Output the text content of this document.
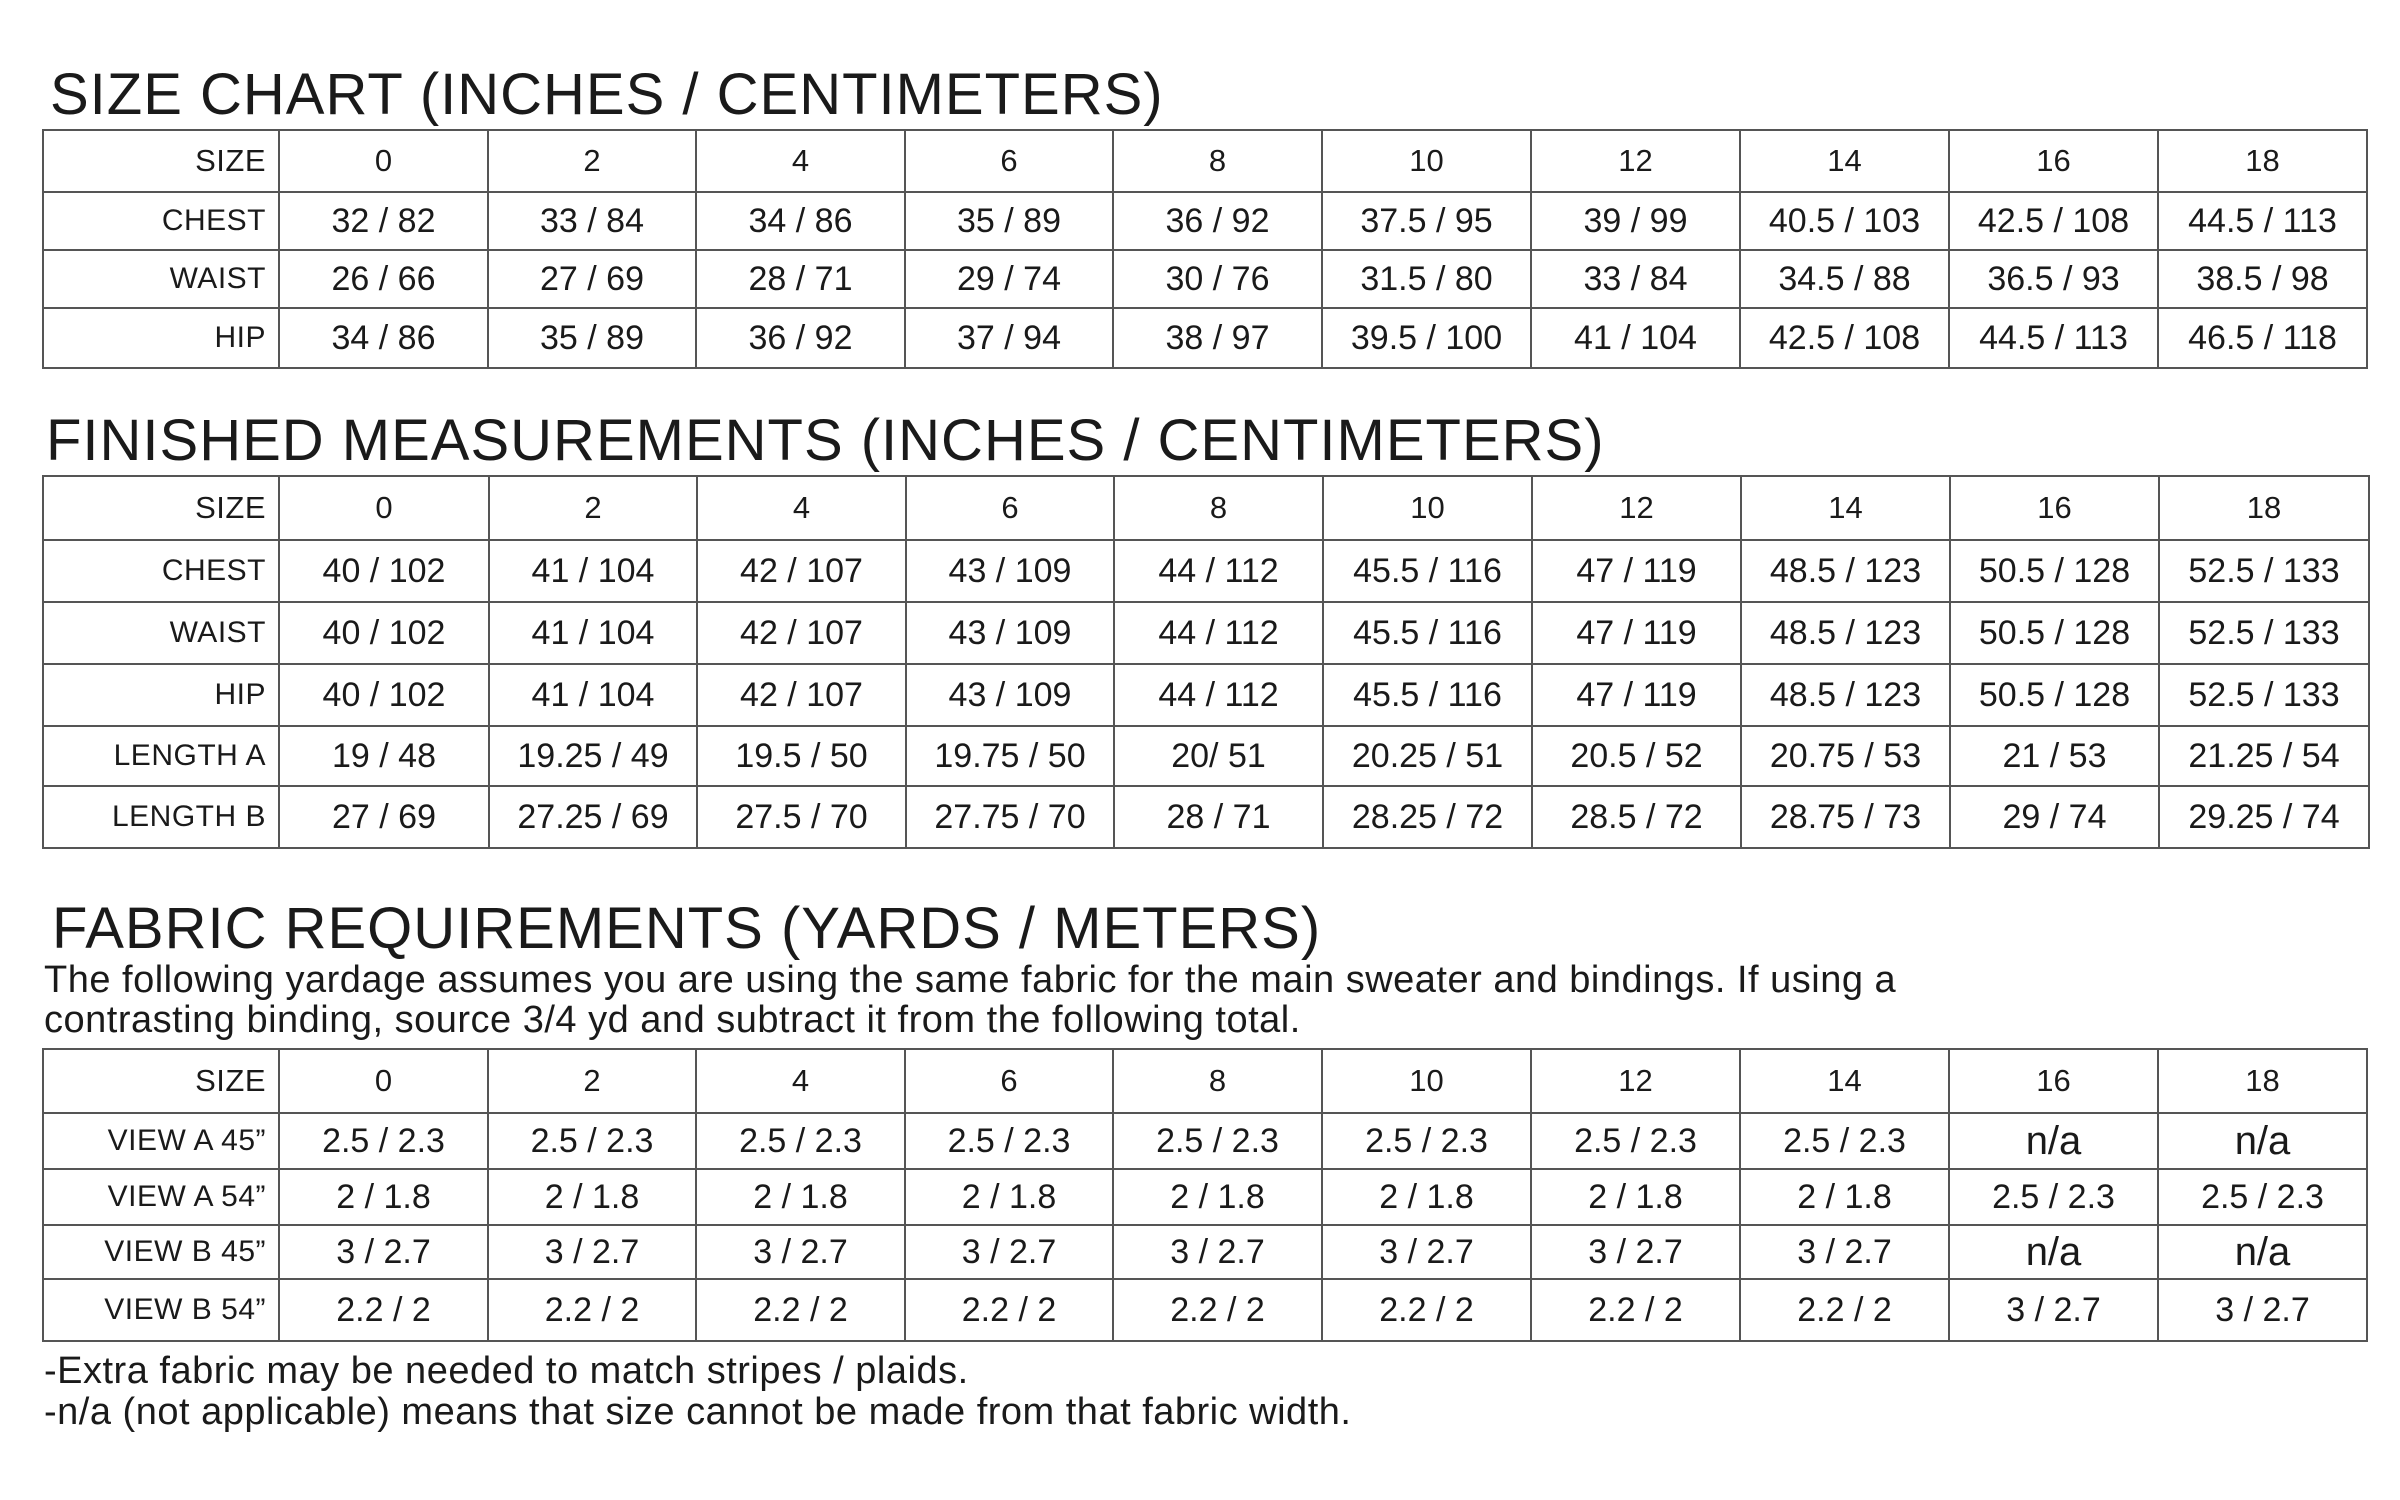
SIZE CHART (INCHES / CENTIMETERS)
SIZE	0	2	4	6	8	10	12	14	16	18
CHEST	32 / 82	33 / 84	34 / 86	35 / 89	36 / 92	37.5 / 95	39 / 99	40.5 / 103	42.5 / 108	44.5 / 113
WAIST	26 / 66	27 / 69	28 / 71	29 / 74	30 / 76	31.5 / 80	33 / 84	34.5 / 88	36.5 / 93	38.5 / 98
HIP	34 / 86	35 / 89	36 / 92	37 / 94	38 / 97	39.5 / 100	41 / 104	42.5 / 108	44.5 / 113	46.5 / 118
FINISHED MEASUREMENTS (INCHES / CENTIMETERS)
SIZE	0	2	4	6	8	10	12	14	16	18
CHEST	40 / 102	41 / 104	42 / 107	43 / 109	44 / 112	45.5 / 116	47 / 119	48.5 / 123	50.5 / 128	52.5 / 133
WAIST	40 / 102	41 / 104	42 / 107	43 / 109	44 / 112	45.5 / 116	47 / 119	48.5 / 123	50.5 / 128	52.5 / 133
HIP	40 / 102	41 / 104	42 / 107	43 / 109	44 / 112	45.5 / 116	47 / 119	48.5 / 123	50.5 / 128	52.5 / 133
LENGTH A	19 / 48	19.25 / 49	19.5 / 50	19.75 / 50	20/ 51	20.25 / 51	20.5 / 52	20.75 / 53	21 / 53	21.25 / 54
LENGTH B	27 / 69	27.25 / 69	27.5 / 70	27.75 / 70	28 / 71	28.25 / 72	28.5 / 72	28.75 / 73	29 / 74	29.25 / 74
FABRIC REQUIREMENTS (YARDS / METERS)
The following yardage assumes you are using the same fabric for the main sweater and bindings. If using a
contrasting binding, source 3/4 yd and subtract it from the following total.
SIZE	0	2	4	6	8	10	12	14	16	18
VIEW A 45”	2.5 / 2.3	2.5 / 2.3	2.5 / 2.3	2.5 / 2.3	2.5 / 2.3	2.5 / 2.3	2.5 / 2.3	2.5 / 2.3	n/a	n/a
VIEW A 54”	2 / 1.8	2 / 1.8	2 / 1.8	2 / 1.8	2 / 1.8	2 / 1.8	2 / 1.8	2 / 1.8	2.5 / 2.3	2.5 / 2.3
VIEW B 45”	3 / 2.7	3 / 2.7	3 / 2.7	3 / 2.7	3 / 2.7	3 / 2.7	3 / 2.7	3 / 2.7	n/a	n/a
VIEW B 54”	2.2 / 2	2.2 / 2	2.2 / 2	2.2 / 2	2.2 / 2	2.2 / 2	2.2 / 2	2.2 / 2	3 / 2.7	3 / 2.7
-Extra fabric may be needed to match stripes / plaids.
-n/a (not applicable) means that size cannot be made from that fabric width.
